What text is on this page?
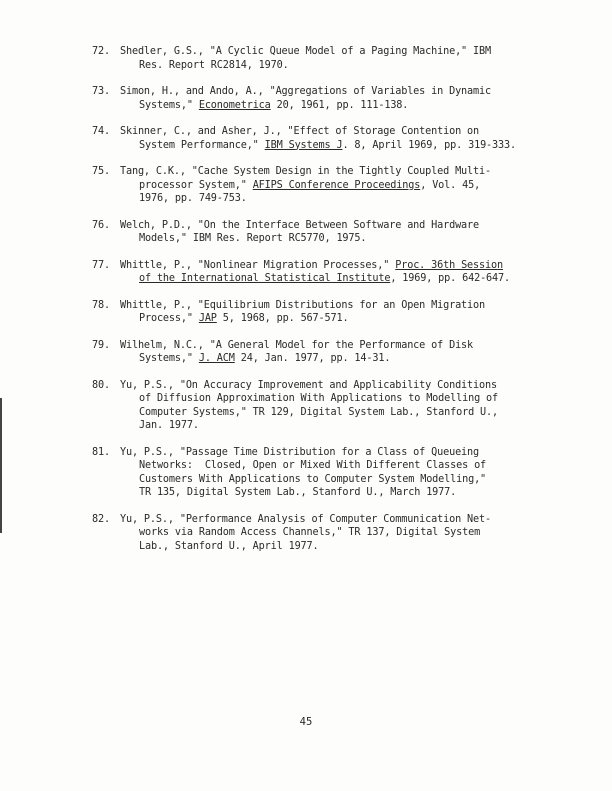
72. Shedler, G.S., "A Cyclic Queue Model of a Paging Machine," IBM
Res. Report RC2814, 1970.
73. Simon, H., and Ando, A., "Aggregations of Variables in Dynamic
Systems," Econometrica 20, 1961, pp. 111-138.
74. Skinner, C., and Asher, J., "Effect of Storage Contention on
System Performance," IBM Systems J. 8, April 1969, pp. 319-333.
75. Tang, C.K., "Cache System Design in the Tightly Coupled Multi-
processor System," AFIPS Conference Proceedings, Vol. 45,
1976, pp. 749-753.
76. Welch, P.D., "On the Interface Between Software and Hardware
Models," IBM Res. Report RC5770, 1975.
77. Whittle, P., "Nonlinear Migration Processes," Proc. 36th Session
of the International Statistical Institute, 1969, pp. 642-647.
78. Whittle, P., "Equilibrium Distributions for an Open Migration
Process," JAP 5, 1968, pp. 567-571.
79. Wilhelm, N.C., "A General Model for the Performance of Disk
Systems," J. ACM 24, Jan. 1977, pp. 14-31.
80. Yu, P.S., "On Accuracy Improvement and Applicability Conditions
of Diffusion Approximation With Applications to Modelling of
Computer Systems," TR 129, Digital System Lab., Stanford U.,
Jan. 1977.
81. Yu, P.S., "Passage Time Distribution for a Class of Queueing
Networks:  Closed, Open or Mixed With Different Classes of
Customers With Applications to Computer System Modelling,"
TR 135, Digital System Lab., Stanford U., March 1977.
82. Yu, P.S., "Performance Analysis of Computer Communication Net-
works via Random Access Channels," TR 137, Digital System
Lab., Stanford U., April 1977.
45
